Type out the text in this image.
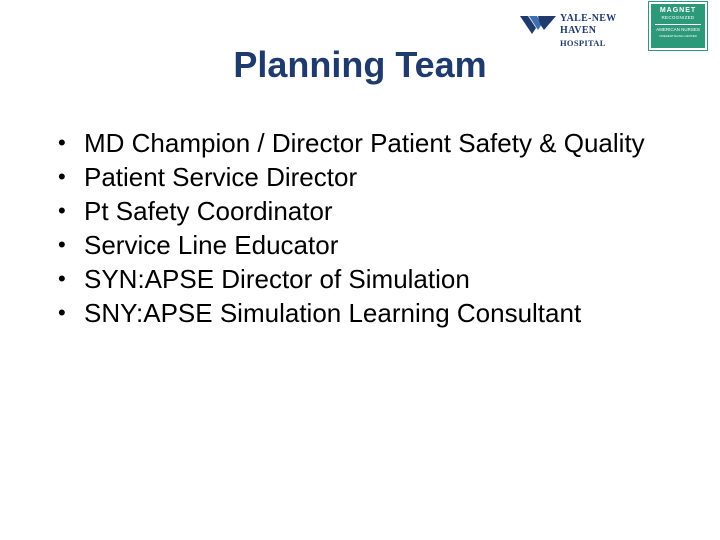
YALE-NEW HAVEN
HOSPITAL
MAGNET
RECOGNIZED
AMERICAN NURSES
CREDENTIALING CENTER
Planning Team
• MD Champion / Director Patient Safety & Quality
• Patient Service Director
• Pt Safety Coordinator
• Service Line Educator
• SYN:APSE Director of Simulation
• SNY:APSE Simulation Learning Consultant
